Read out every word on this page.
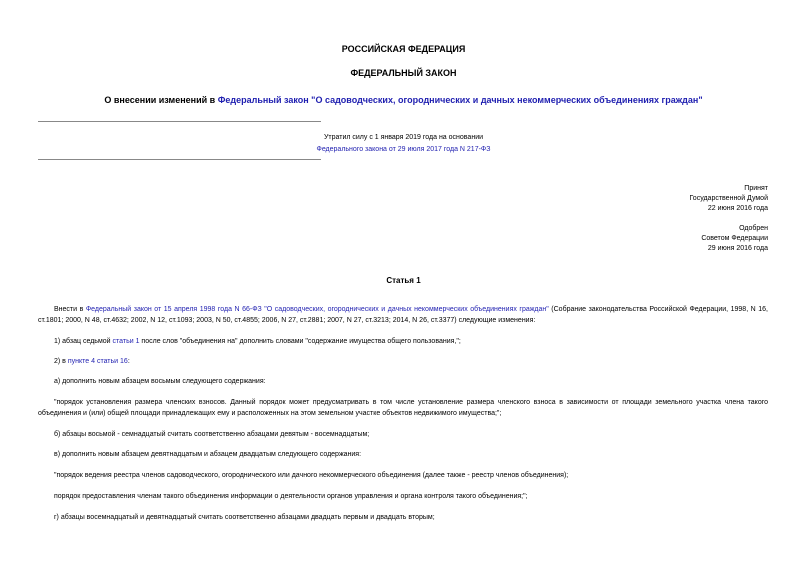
РОССИЙСКАЯ ФЕДЕРАЦИЯ
ФЕДЕРАЛЬНЫЙ ЗАКОН
О внесении изменений в Федеральный закон "О садоводческих, огороднических и дачных некоммерческих объединениях граждан"
Утратил силу с 1 января 2019 года на основании
Федерального закона от 29 июля 2017 года N 217-ФЗ
Принят
Государственной Думой
22 июня 2016 года
Одобрен
Советом Федерации
29 июня 2016 года
Статья 1
Внести в Федеральный закон от 15 апреля 1998 года N 66-ФЗ "О садоводческих, огороднических и дачных некоммерческих объединениях граждан" (Собрание законодательства Российской Федерации, 1998, N 16, ст.1801; 2000, N 48, ст.4632; 2002, N 12, ст.1093; 2003, N 50, ст.4855; 2006, N 27, ст.2881; 2007, N 27, ст.3213; 2014, N 26, ст.3377) следующие изменения:
1) абзац седьмой статьи 1 после слов "объединения на" дополнить словами "содержание имущества общего пользования,";
2) в пункте 4 статьи 16:
а) дополнить новым абзацем восьмым следующего содержания:
"порядок установления размера членских взносов. Данный порядок может предусматривать в том числе установление размера членского взноса в зависимости от площади земельного участка члена такого объединения и (или) общей площади принадлежащих ему и расположенных на этом земельном участке объектов недвижимого имущества;";
б) абзацы восьмой - семнадцатый считать соответственно абзацами девятым - восемнадцатым;
в) дополнить новым абзацем девятнадцатым и абзацем двадцатым следующего содержания:
"порядок ведения реестра членов садоводческого, огороднического или дачного некоммерческого объединения (далее также - реестр членов объединения);
порядок предоставления членам такого объединения информации о деятельности органов управления и органа контроля такого объединения;";
г) абзацы восемнадцатый и девятнадцатый считать соответственно абзацами двадцать первым и двадцать вторым;
